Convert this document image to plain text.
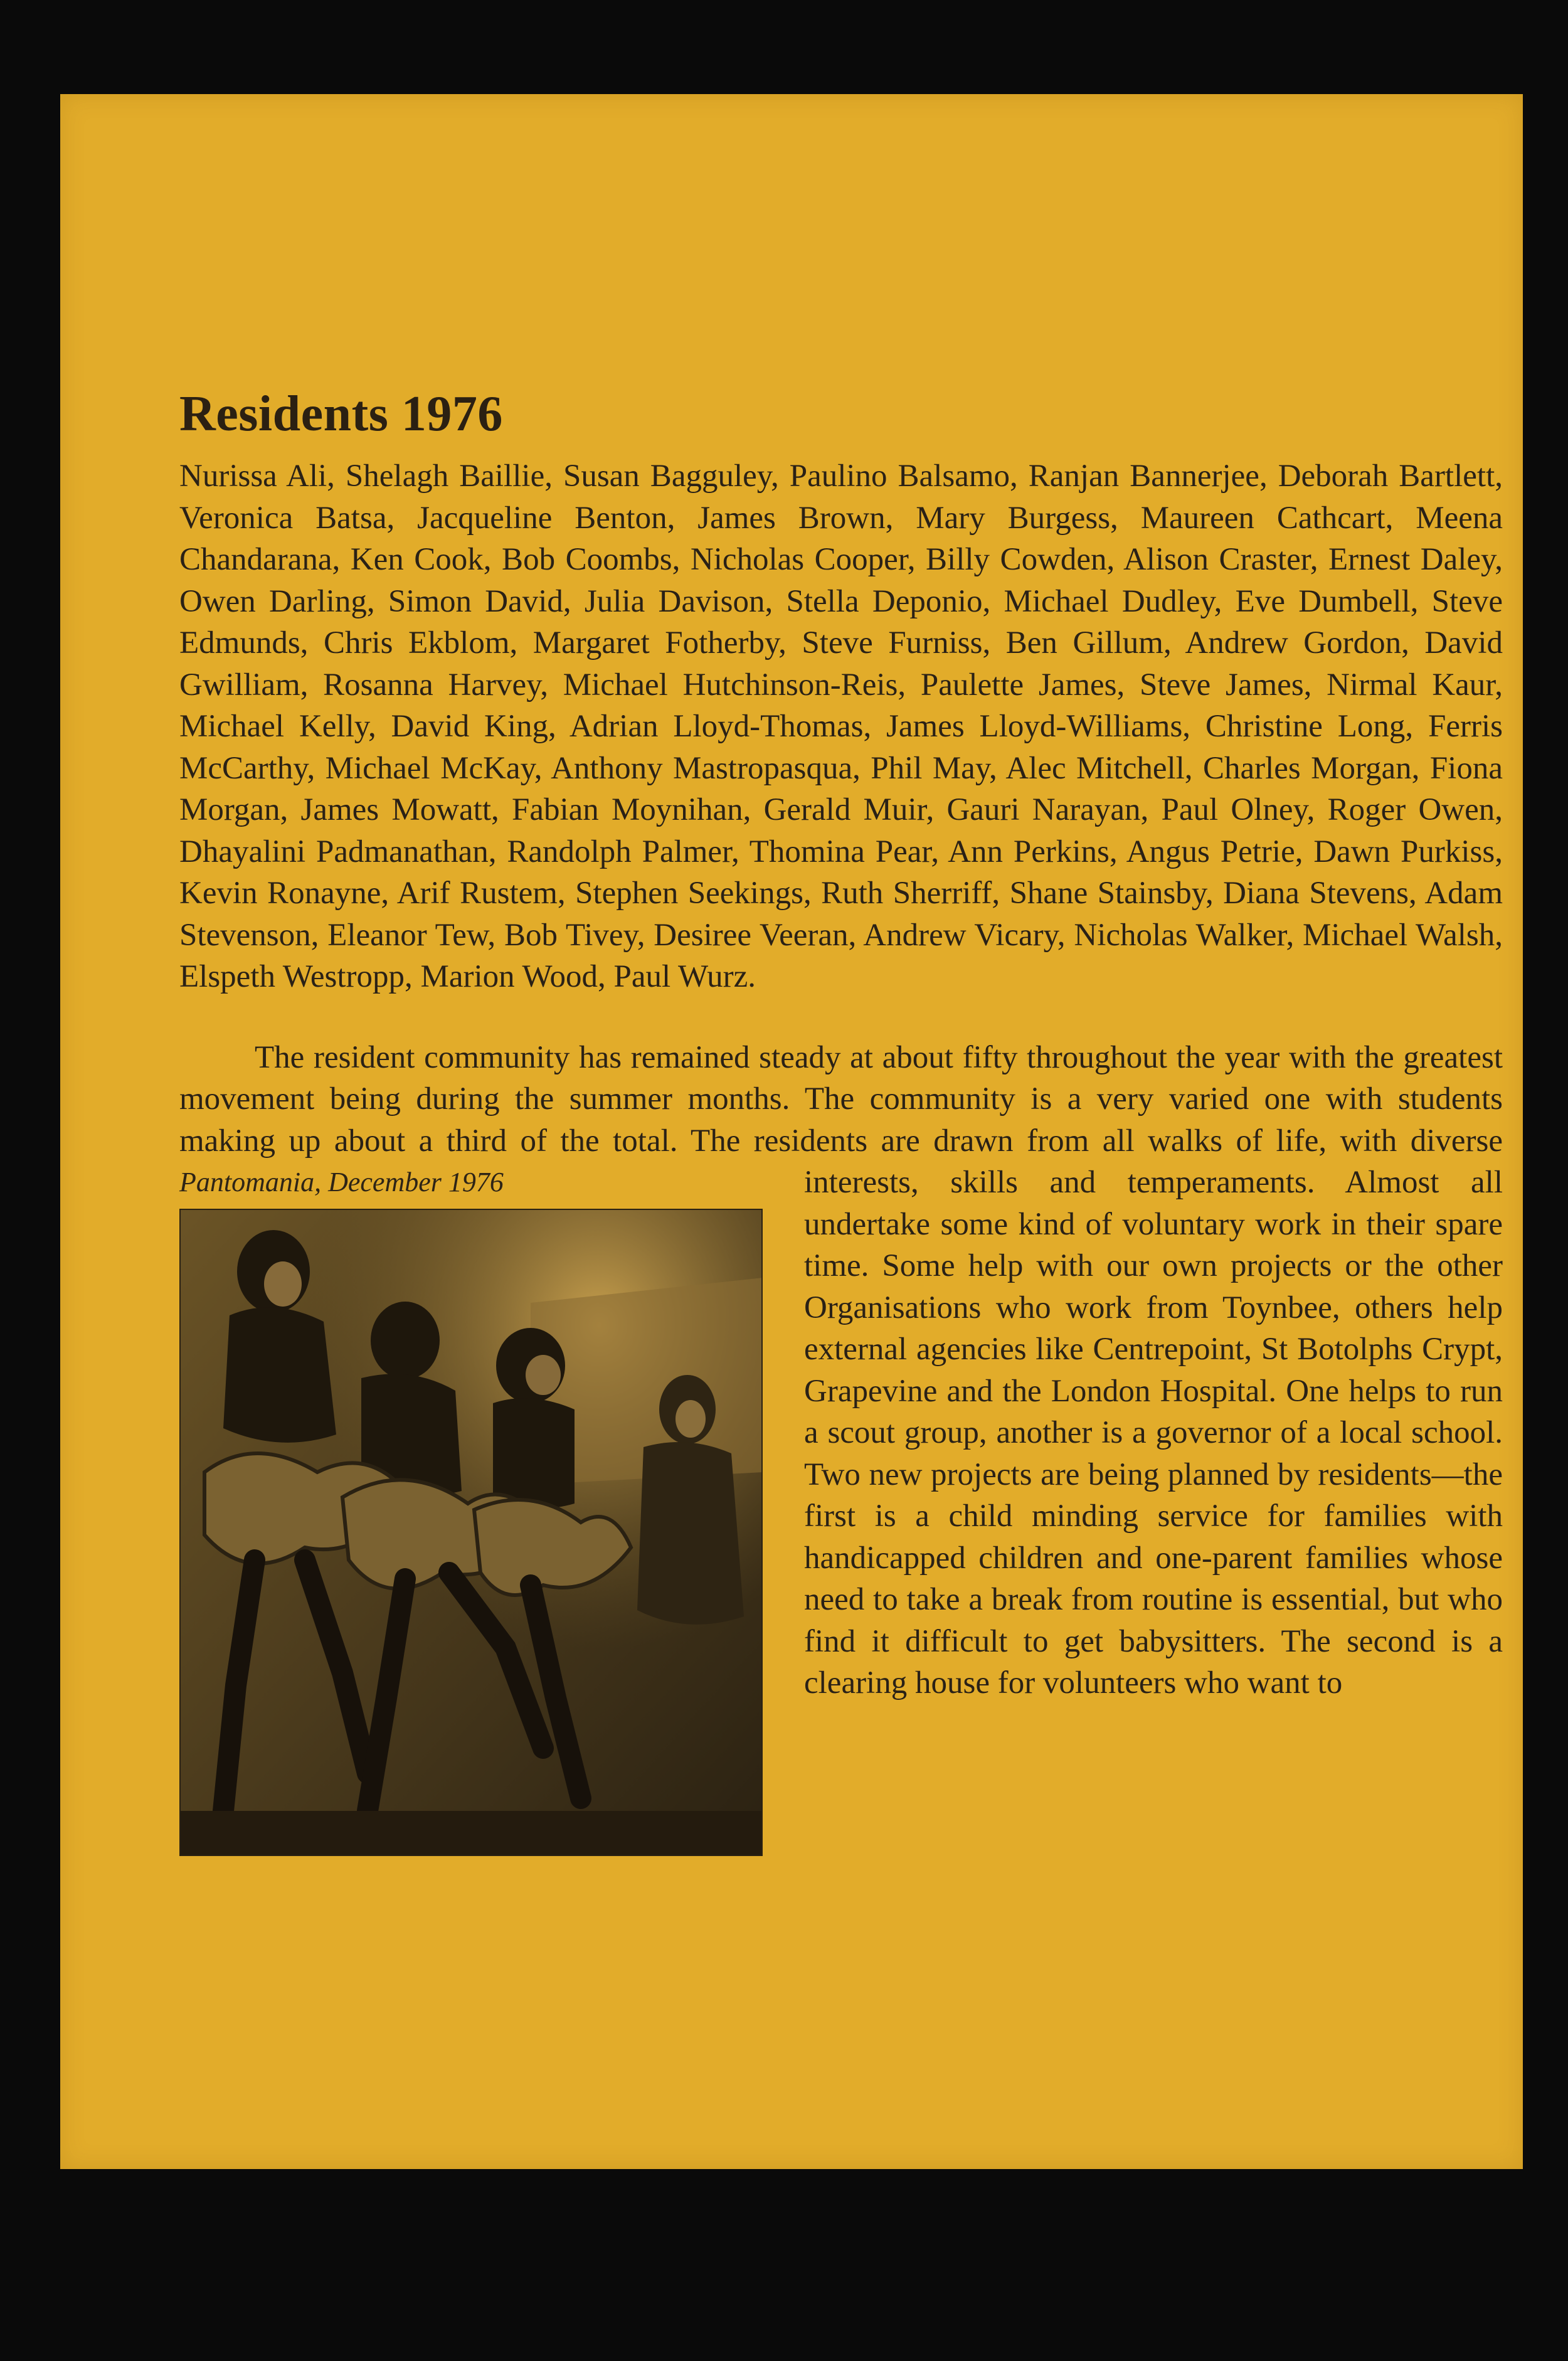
Residents 1976

Nurissa Ali, Shelagh Baillie, Susan Bagguley, Paulino Balsamo, Ranjan Bannerjee, Deborah Bartlett, Veronica Batsa, Jacqueline Benton, James Brown, Mary Burgess, Maureen Cathcart, Meena Chandarana, Ken Cook, Bob Coombs, Nicholas Cooper, Billy Cowden, Alison Craster, Ernest Daley, Owen Darling, Simon David, Julia Davison, Stella Deponio, Michael Dudley, Eve Dumbell, Steve Edmunds, Chris Ekblom, Margaret Fotherby, Steve Furniss, Ben Gillum, Andrew Gordon, David Gwilliam, Rosanna Harvey, Michael Hutchinson-Reis, Paulette James, Steve James, Nirmal Kaur, Michael Kelly, David King, Adrian Lloyd-Thomas, James Lloyd-Williams, Christine Long, Ferris McCarthy, Michael McKay, Anthony Mastropasqua, Phil May, Alec Mitchell, Charles Morgan, Fiona Morgan, James Mowatt, Fabian Moynihan, Gerald Muir, Gauri Narayan, Paul Olney, Roger Owen, Dhayalini Padmanathan, Randolph Palmer, Thomina Pear, Ann Perkins, Angus Petrie, Dawn Purkiss, Kevin Ronayne, Arif Rustem, Stephen Seekings, Ruth Sherriff, Shane Stainsby, Diana Stevens, Adam Stevenson, Eleanor Tew, Bob Tivey, Desiree Veeran, Andrew Vicary, Nicholas Walker, Michael Walsh, Elspeth Westropp, Marion Wood, Paul Wurz.

The resident community has remained steady at about fifty throughout the year with the greatest movement being during the summer months. The community is a very varied one with students making up about a third of the total. The residents are drawn
Pantomania, December 1976
from all walks of life, with diverse interests, skills and temperaments. Almost all undertake some kind of voluntary work in their spare time. Some help with our own projects or the other Organisations who work from Toynbee, others help external agencies like Centrepoint, St Botolphs Crypt, Grapevine and the London Hospital. One helps to run a scout group, another is a governor of a local school. Two new projects are being planned by residents—the first is a child minding service for families with handicapped children and one-parent families whose need to take a break from routine is essential, but who find it difficult to get babysitters. The second is a clearing house for volunteers who want to
